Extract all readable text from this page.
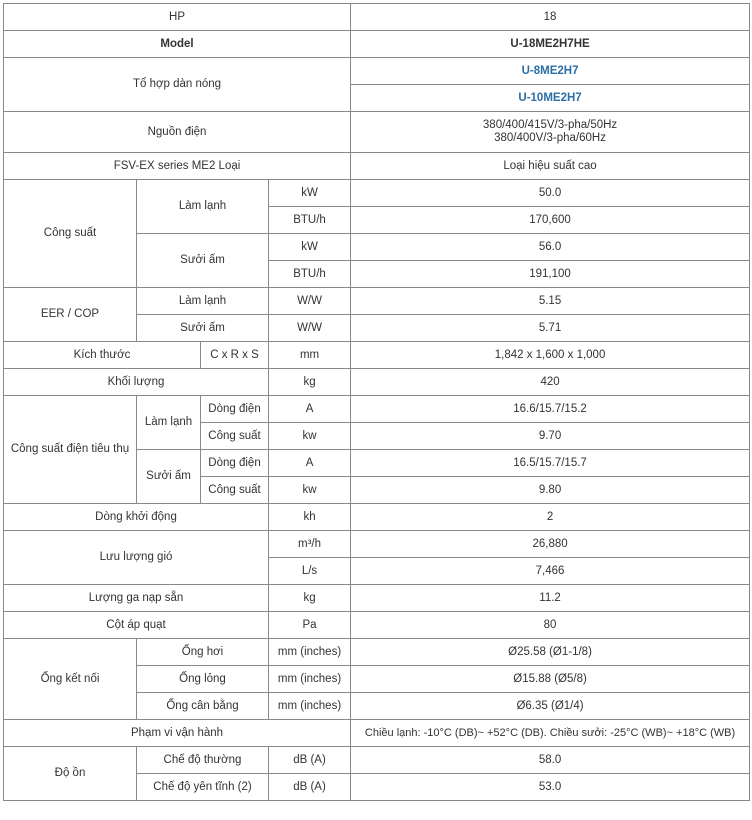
HP				18
Model				U-18ME2H7HE
Tổ hợp dàn nóng				U-8ME2H7
				U-10ME2H7
Nguồn điện				380/400/415V/3-pha/50Hz
380/400V/3-pha/60Hz

FSV-EX series ME2 Loại				Loại hiệu suất cao
Công suất	Làm lạnh		kW	50.0
			BTU/h	170,600
	Sưởi ấm		kW	56.0
			BTU/h	191,100
EER / COP	Làm lạnh		W/W	5.15
	Sưởi ấm		W/W	5.71
Kích thước		C x R x S	mm	1,842 x 1,600 x 1,000
Khối lượng			kg	420
Công suất điện tiêu thụ	Làm lạnh	Dòng điện	A	16.6/15.7/15.2
		Công suất	kw	9.70
	Sưởi ấm	Dòng điện	A	16.5/15.7/15.7
		Công suất	kw	9.80
Dòng khởi động			kh	2
Lưu lượng gió			m³/h	26,880
			L/s	7,466
Lượng ga nạp sẵn			kg	11.2
Cột áp quạt			Pa	80
Ống kết nối	Ống hơi		mm (inches)	Ø25.58 (Ø1-1/8)
	Ống lỏng		mm (inches)	Ø15.88 (Ø5/8)
	Ống cân bằng		mm (inches)	Ø6.35 (Ø1/4)
Phạm vi vận hành				Chiều lạnh: -10°C (DB)~ +52°C (DB). Chiều sưởi: -25°C (WB)~ +18°C (WB)
Độ ồn	Chế độ thường		dB (A)	58.0
	Chế độ yên tĩnh (2)		dB (A)	53.0
